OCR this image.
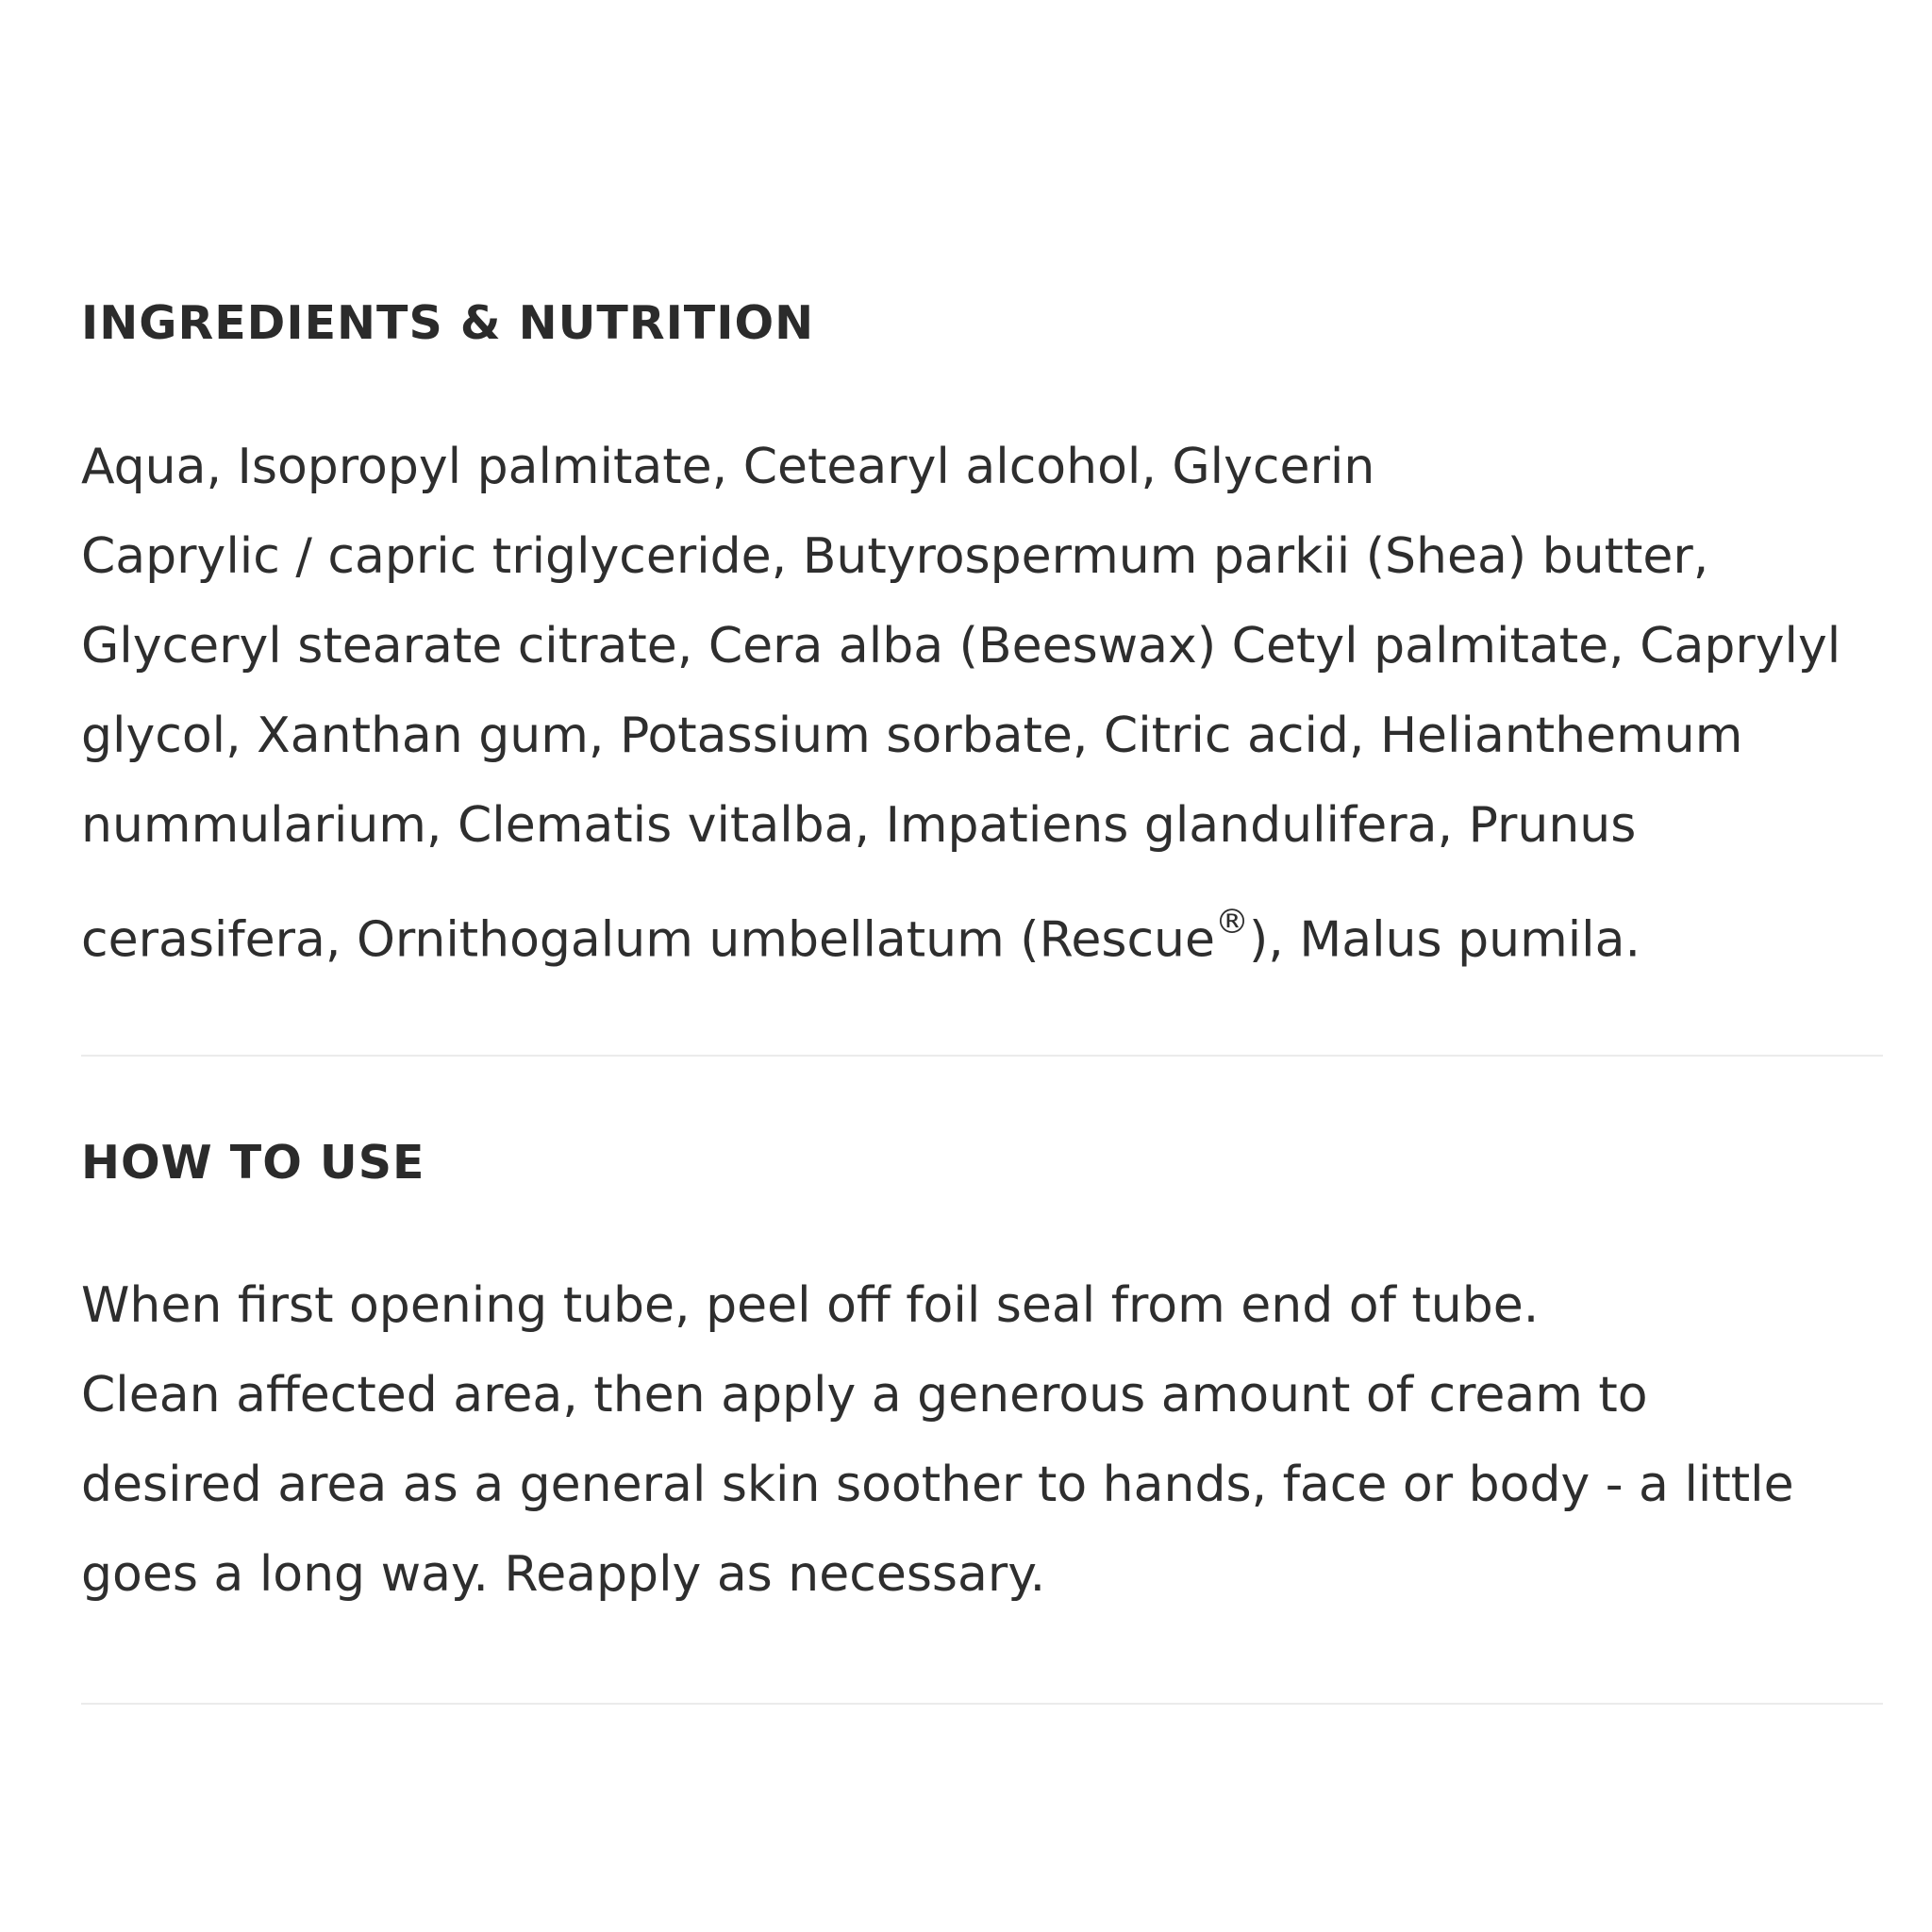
INGREDIENTS & NUTRITION
Aqua, Isopropyl palmitate, Cetearyl alcohol, Glycerin
Caprylic / capric triglyceride, Butyrospermum parkii (Shea) butter,
Glyceryl stearate citrate, Cera alba (Beeswax) Cetyl palmitate, Caprylyl
glycol, Xanthan gum, Potassium sorbate, Citric acid, Helianthemum
nummularium, Clematis vitalba, Impatiens glandulifera, Prunus
cerasifera, Ornithogalum umbellatum (Rescue®), Malus pumila.
HOW TO USE
When first opening tube, peel off foil seal from end of tube.
Clean affected area, then apply a generous amount of cream to
desired area as a general skin soother to hands, face or body - a little
goes a long way. Reapply as necessary.
